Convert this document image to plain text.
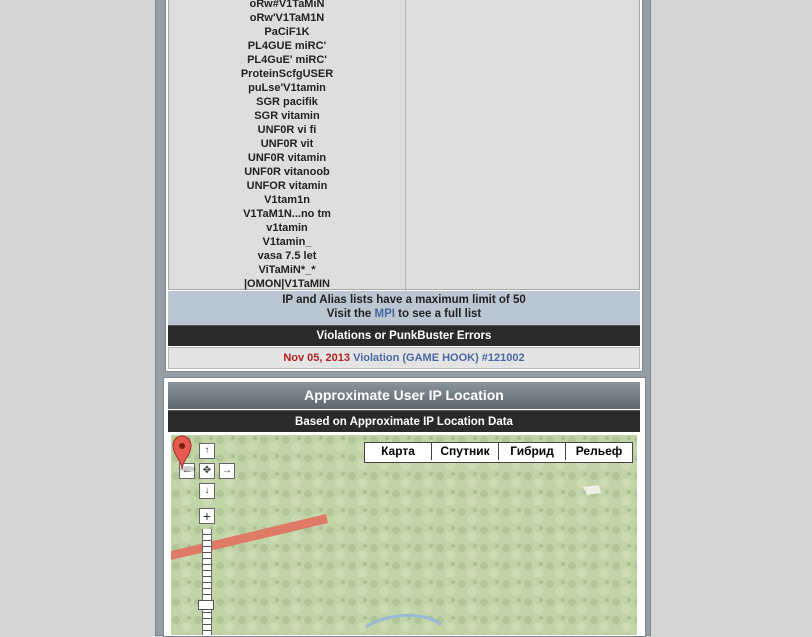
oRw#V1TaMiN
oRw'V1TaM1N
PaCiF1K
PL4GUE miRC'
PL4GuE' miRC'
ProteinScfgUSER
puLse'V1tamin
SGR pacifik
SGR vitamin
UNF0R vi fi
UNF0R vit
UNF0R vitamin
UNF0R vitanoob
UNFOR vitamin
V1tam1n
V1TaM1N...no tm
v1tamin
V1tamin_
vasa 7.5 let
ViTaMiN*_*
|OMON|V1TaMIN
IP and Alias lists have a maximum limit of 50
Visit the MPI to see a full list
Violations or PunkBuster Errors
Nov 05, 2013 Violation (GAME HOOK) #121002
Approximate User IP Location
Based on Approximate IP Location Data
↑
←	✥	→
↓
+
Карта	Спутник	Гибрид	Рельеф
